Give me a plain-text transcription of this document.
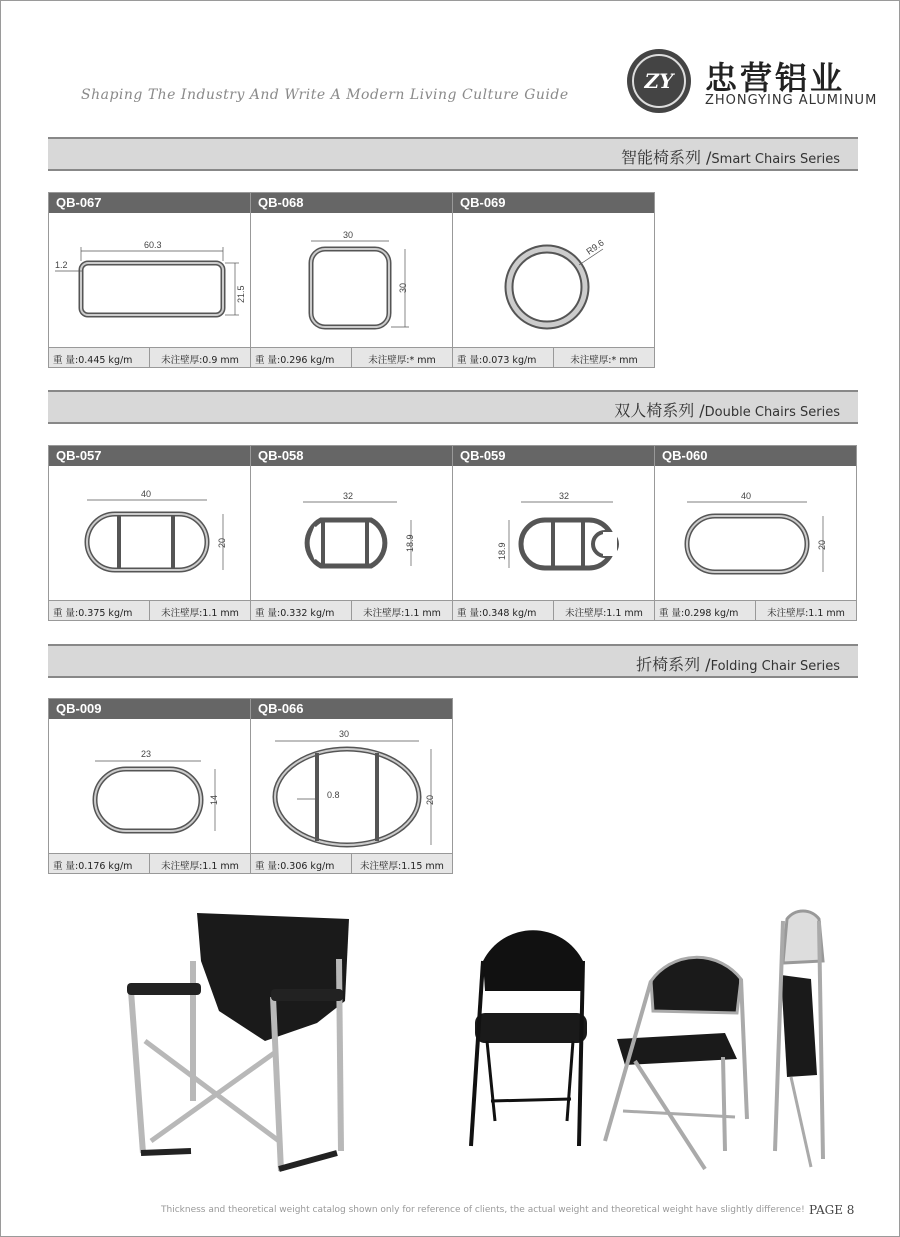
Shaping The Industry And Write A Modern Living Culture Guide
ZY 忠营铝业
ZHONGYING ALUMINUM
智能椅系列 /Smart Chairs Series
QB-067
60.3
1.2
21.5
重 量:0.445 kg/m	未注壁厚:0.9 mm
QB-068
30
30
重 量:0.296 kg/m	未注壁厚:* mm
QB-069
R9.6
重 量:0.073 kg/m	未注壁厚:* mm
双人椅系列 /Double Chairs Series
QB-057
40
20
重 量:0.375 kg/m	未注壁厚:1.1 mm
QB-058
32
18.9
重 量:0.332 kg/m	未注壁厚:1.1 mm
QB-059
32
18.9
重 量:0.348 kg/m	未注壁厚:1.1 mm
QB-060
40
20
重 量:0.298 kg/m	未注壁厚:1.1 mm
折椅系列 /Folding Chair Series
QB-009
23
14
重 量:0.176 kg/m	未注壁厚:1.1 mm
QB-066
30
0.8	20
重 量:0.306 kg/m	未注壁厚:1.15 mm
Thickness and theoretical weight catalog shown only for reference of clients, the actual weight and theoretical weight have slightly difference! PAGE 8
